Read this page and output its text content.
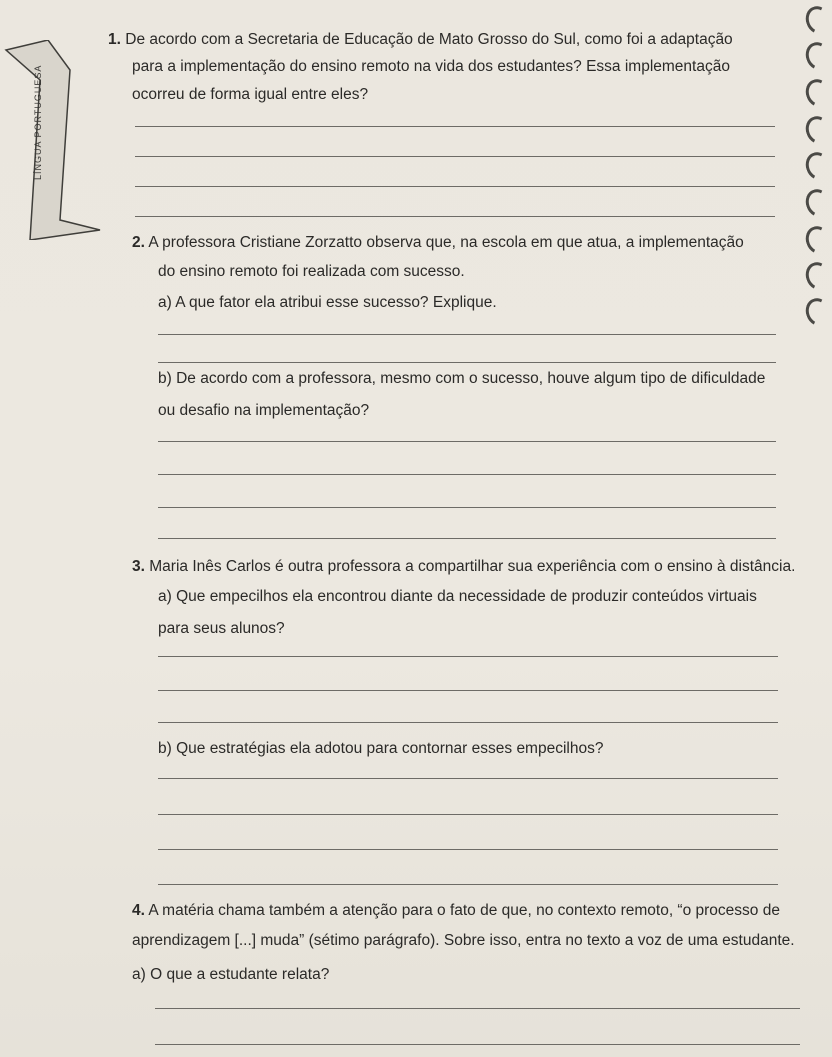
LÍNGUA PORTUGUESA
1. De acordo com a Secretaria de Educação de Mato Grosso do Sul, como foi a adaptação
para a implementação do ensino remoto na vida dos estudantes? Essa implementação
ocorreu de forma igual entre eles?
2. A professora Cristiane Zorzatto observa que, na escola em que atua, a implementação
do ensino remoto foi realizada com sucesso.
a) A que fator ela atribui esse sucesso? Explique.
b) De acordo com a professora, mesmo com o sucesso, houve algum tipo de dificuldade
ou desafio na implementação?
3. Maria Inês Carlos é outra professora a compartilhar sua experiência com o ensino à distância.
a) Que empecilhos ela encontrou diante da necessidade de produzir conteúdos virtuais
para seus alunos?
b) Que estratégias ela adotou para contornar esses empecilhos?
4. A matéria chama também a atenção para o fato de que, no contexto remoto, “o processo de
aprendizagem [...] muda” (sétimo parágrafo). Sobre isso, entra no texto a voz de uma estudante.
a) O que a estudante relata?
